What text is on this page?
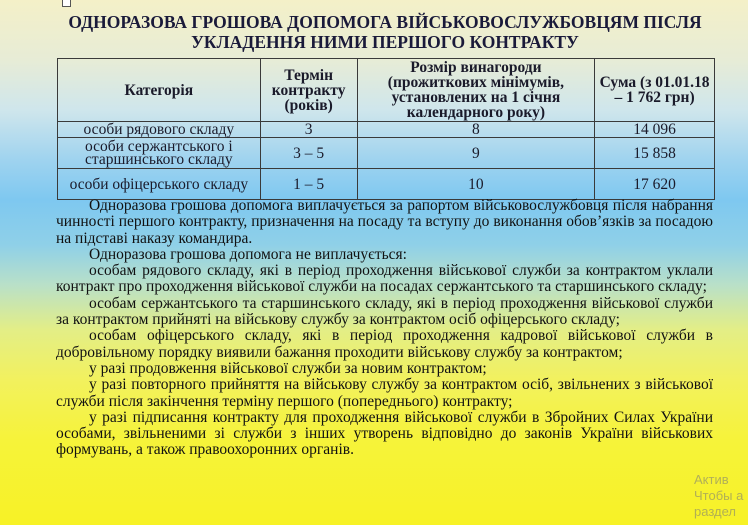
ОДНОРАЗОВА ГРОШОВА ДОПОМОГА ВІЙСЬКОВОСЛУЖБОВЦЯМ ПІСЛЯ
УКЛАДЕННЯ НИМИ ПЕРШОГО КОНТРАКТУ
Категорія	Термін контракту (років)	Розмір винагороди (прожиткових мінімумів, установлених на 1 січня календарного року)	Сума (з 01.01.18 – 1 762 грн)
особи рядового складу	3	8	14 096
особи сержантського і старшинського складу	3 – 5	9	15 858
особи офіцерського складу	1 – 5	10	17 620

Одноразова грошова допомога виплачується за рапортом військовослужбовця після набрання чинності першого контракту, призначення на посаду та вступу до виконання обов’язків за посадою на підставі наказу командира.

Одноразова грошова допомога не виплачується:

особам рядового складу, які в період проходження військової служби за контрактом уклали контракт про проходження військової служби на посадах сержантського та старшинського складу;

особам сержантського та старшинського складу, які в період проходження військової служби за контрактом прийняті на військову службу за контрактом осіб офіцерського складу;

особам офіцерського складу, які в період проходження кадрової військової служби в добровільному порядку виявили бажання проходити військову службу за контрактом;

у разі продовження військової служби за новим контрактом;

у разі повторного прийняття на військову службу за контрактом осіб, звільнених з військової служби після закінчення терміну першого (попереднього) контракту;

у разі підписання контракту для проходження військової служби в Збройних Силах України особами, звільненими зі служби з інших утворень відповідно до законів України військових формувань, а також правоохоронних органів.

Актив
Чтобы а
раздел
